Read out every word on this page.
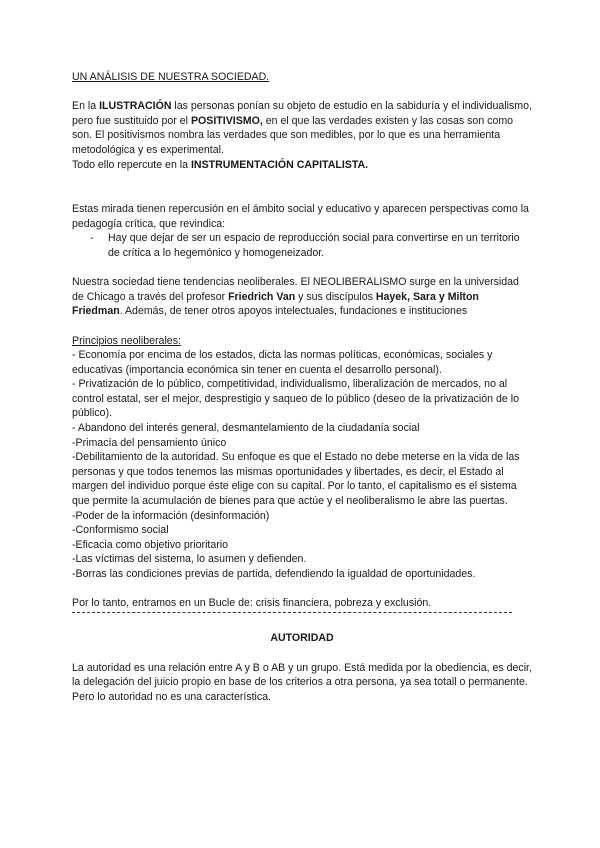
UN ANÁLISIS DE NUESTRA SOCIEDAD.

En la ILUSTRACIÓN las personas ponían su objeto de estudio en la sabiduría y el individualismo, pero fue sustituido por el POSITIVISMO, en el que las verdades existen y las cosas son como son. El positivismos nombra las verdades que son medibles, por lo que es una herramienta metodológica y es experimental.

Todo ello repercute en la INSTRUMENTACIÓN CAPITALISTA.

Estas mirada tienen repercusión en el ámbito social y educativo y aparecen perspectivas como la pedagogía crítica, que revindica:

-	Hay que dejar de ser un espacio de reproducción social para convertirse en un territorio de crítica a lo hegemónico y homogeneizador.

Nuestra sociedad tiene tendencias neoliberales. El NEOLIBERALISMO surge en la universidad de Chicago a través del profesor Friedrich Van y sus discípulos Hayek, Sara y Milton Friedman. Además, de tener otros apoyos intelectuales, fundaciones e instituciones

Principios neoliberales:

- Economía por encima de los estados, dicta las normas políticas, económicas, sociales y educativas (importancia económica sin tener en cuenta el desarrollo personal).

- Privatización de lo público, competitividad, individualismo, liberalización de mercados, no al control estatal, ser el mejor, desprestigio y saqueo de lo público (deseo de la privatización de lo público).

- Abandono del interés general, desmantelamiento de la ciudadanía social

-Primacía del pensamiento único

-Debilitamiento de la autoridad. Su enfoque es que el Estado no debe meterse en la vida de las personas y que todos tenemos las mismas oportunidades y libertades, es decir, el Estado al margen del individuo porque éste elige con su capital. Por lo tanto, el capitalismo es el sistema que permite la acumulación de bienes para que actúe y el neoliberalismo le abre las puertas.

-Poder de la información (desinformación)

-Conformismo social

-Eficacia como objetivo prioritario

-Las víctimas del sistema, lo asumen y defienden.

-Borras las condiciones previas de partida, defendiendo la igualdad de oportunidades.

Por lo tanto, entramos en un Bucle de: crisis financiera, pobreza y exclusión.

AUTORIDAD

La autoridad es una relación entre A y B o AB y un grupo. Está medida por la obediencia, es decir, la delegación del juicio propio en base de los criterios a otra persona, ya sea totall o permanente.

Pero lo autoridad no es una característica.
